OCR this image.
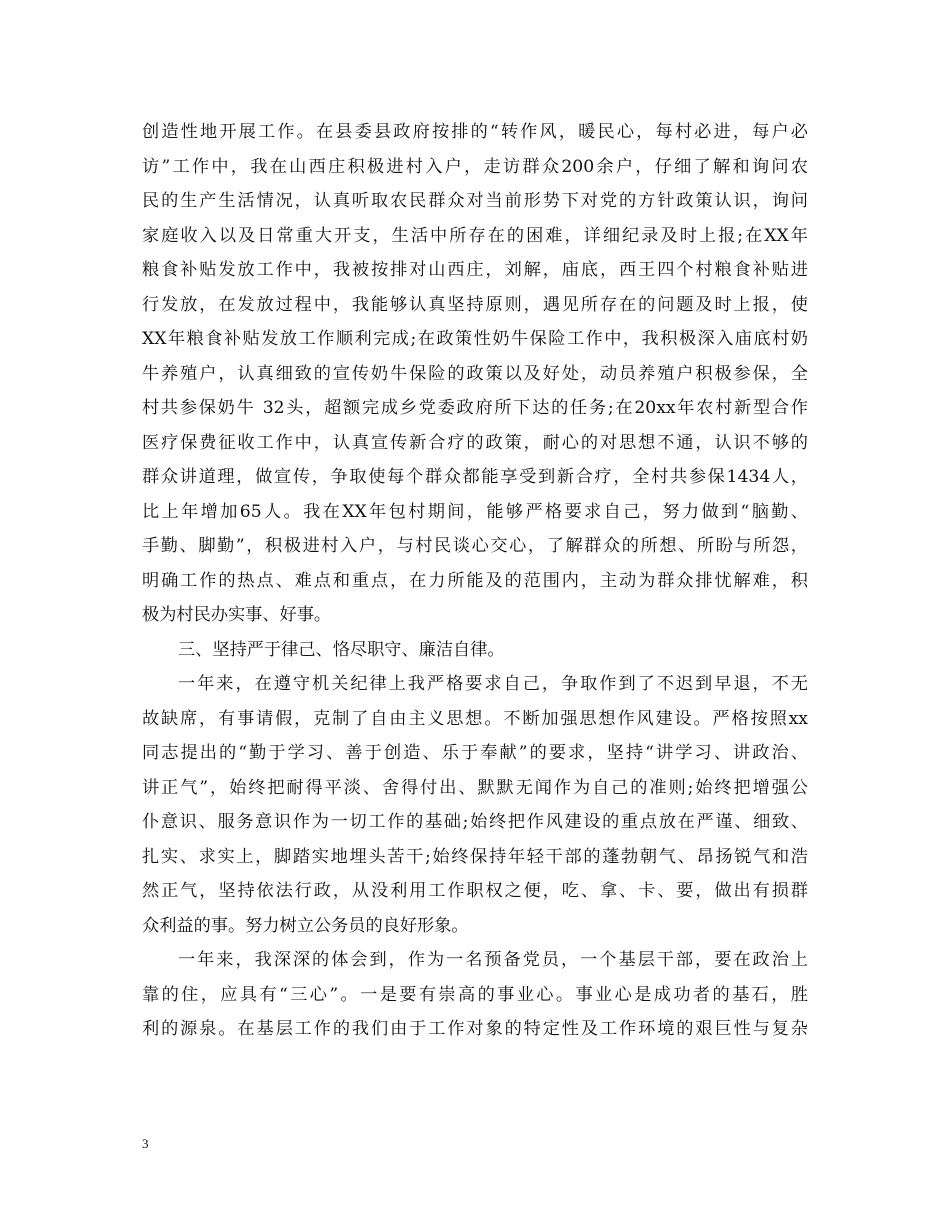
创造性地开展工作。在县委县政府按排的“转作风，暖民心，每村必进，每户必
访”工作中，我在山西庄积极进村入户，走访群众200余户，仔细了解和询问农
民的生产生活情况，认真听取农民群众对当前形势下对党的方针政策认识，询问
家庭收入以及日常重大开支，生活中所存在的困难，详细纪录及时上报;在XX年
粮食补贴发放工作中，我被按排对山西庄，刘解，庙底，西王四个村粮食补贴进
行发放，在发放过程中，我能够认真坚持原则，遇见所存在的问题及时上报，使
XX年粮食补贴发放工作顺利完成;在政策性奶牛保险工作中，我积极深入庙底村奶
牛养殖户，认真细致的宣传奶牛保险的政策以及好处，动员养殖户积极参保，全
村共参保奶牛 32头，超额完成乡党委政府所下达的任务;在20xx年农村新型合作
医疗保费征收工作中，认真宣传新合疗的政策，耐心的对思想不通，认识不够的
群众讲道理，做宣传，争取使每个群众都能享受到新合疗，全村共参保1434人，
比上年增加65人。我在XX年包村期间，能够严格要求自己，努力做到“脑勤、
手勤、脚勤”，积极进村入户，与村民谈心交心，了解群众的所想、所盼与所怨，
明确工作的热点、难点和重点，在力所能及的范围内，主动为群众排忧解难，积
极为村民办实事、好事。
三、坚持严于律己、恪尽职守、廉洁自律。
一年来，在遵守机关纪律上我严格要求自己，争取作到了不迟到早退，不无
故缺席，有事请假，克制了自由主义思想。不断加强思想作风建设。严格按照xx
同志提出的“勤于学习、善于创造、乐于奉献”的要求，坚持“讲学习、讲政治、
讲正气”，始终把耐得平淡、舍得付出、默默无闻作为自己的准则;始终把增强公
仆意识、服务意识作为一切工作的基础;始终把作风建设的重点放在严谨、细致、
扎实、求实上，脚踏实地埋头苦干;始终保持年轻干部的蓬勃朝气、昂扬锐气和浩
然正气，坚持依法行政，从没利用工作职权之便，吃、拿、卡、要，做出有损群
众利益的事。努力树立公务员的良好形象。
一年来，我深深的体会到，作为一名预备党员，一个基层干部，要在政治上
靠的住，应具有“三心”。一是要有崇高的事业心。事业心是成功者的基石，胜
利的源泉。在基层工作的我们由于工作对象的特定性及工作环境的艰巨性与复杂
3
